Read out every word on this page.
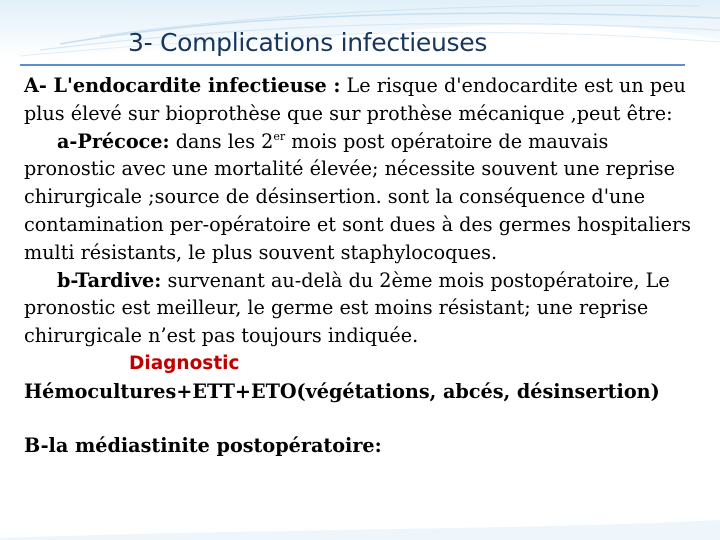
3- Complications infectieuses

A- L'endocardite infectieuse : Le risque d'endocardite est un peu plus élevé sur bioprothèse que sur prothèse mécanique ,peut être:

a-Précoce: dans les 2er mois post opératoire de mauvais pronostic avec une mortalité élevée; nécessite souvent une reprise chirurgicale ;source de désinsertion. sont la conséquence d'une contamination per-opératoire et sont dues à des germes hospitaliers multi résistants, le plus souvent staphylocoques.

b-Tardive: survenant au-delà du 2ème mois postopératoire, Le pronostic est meilleur, le germe est moins résistant; une reprise chirurgicale n’est pas toujours indiquée.

Diagnostic

Hémocultures+ETT+ETO(végétations, abcés, désinsertion)

B-la médiastinite postopératoire:
